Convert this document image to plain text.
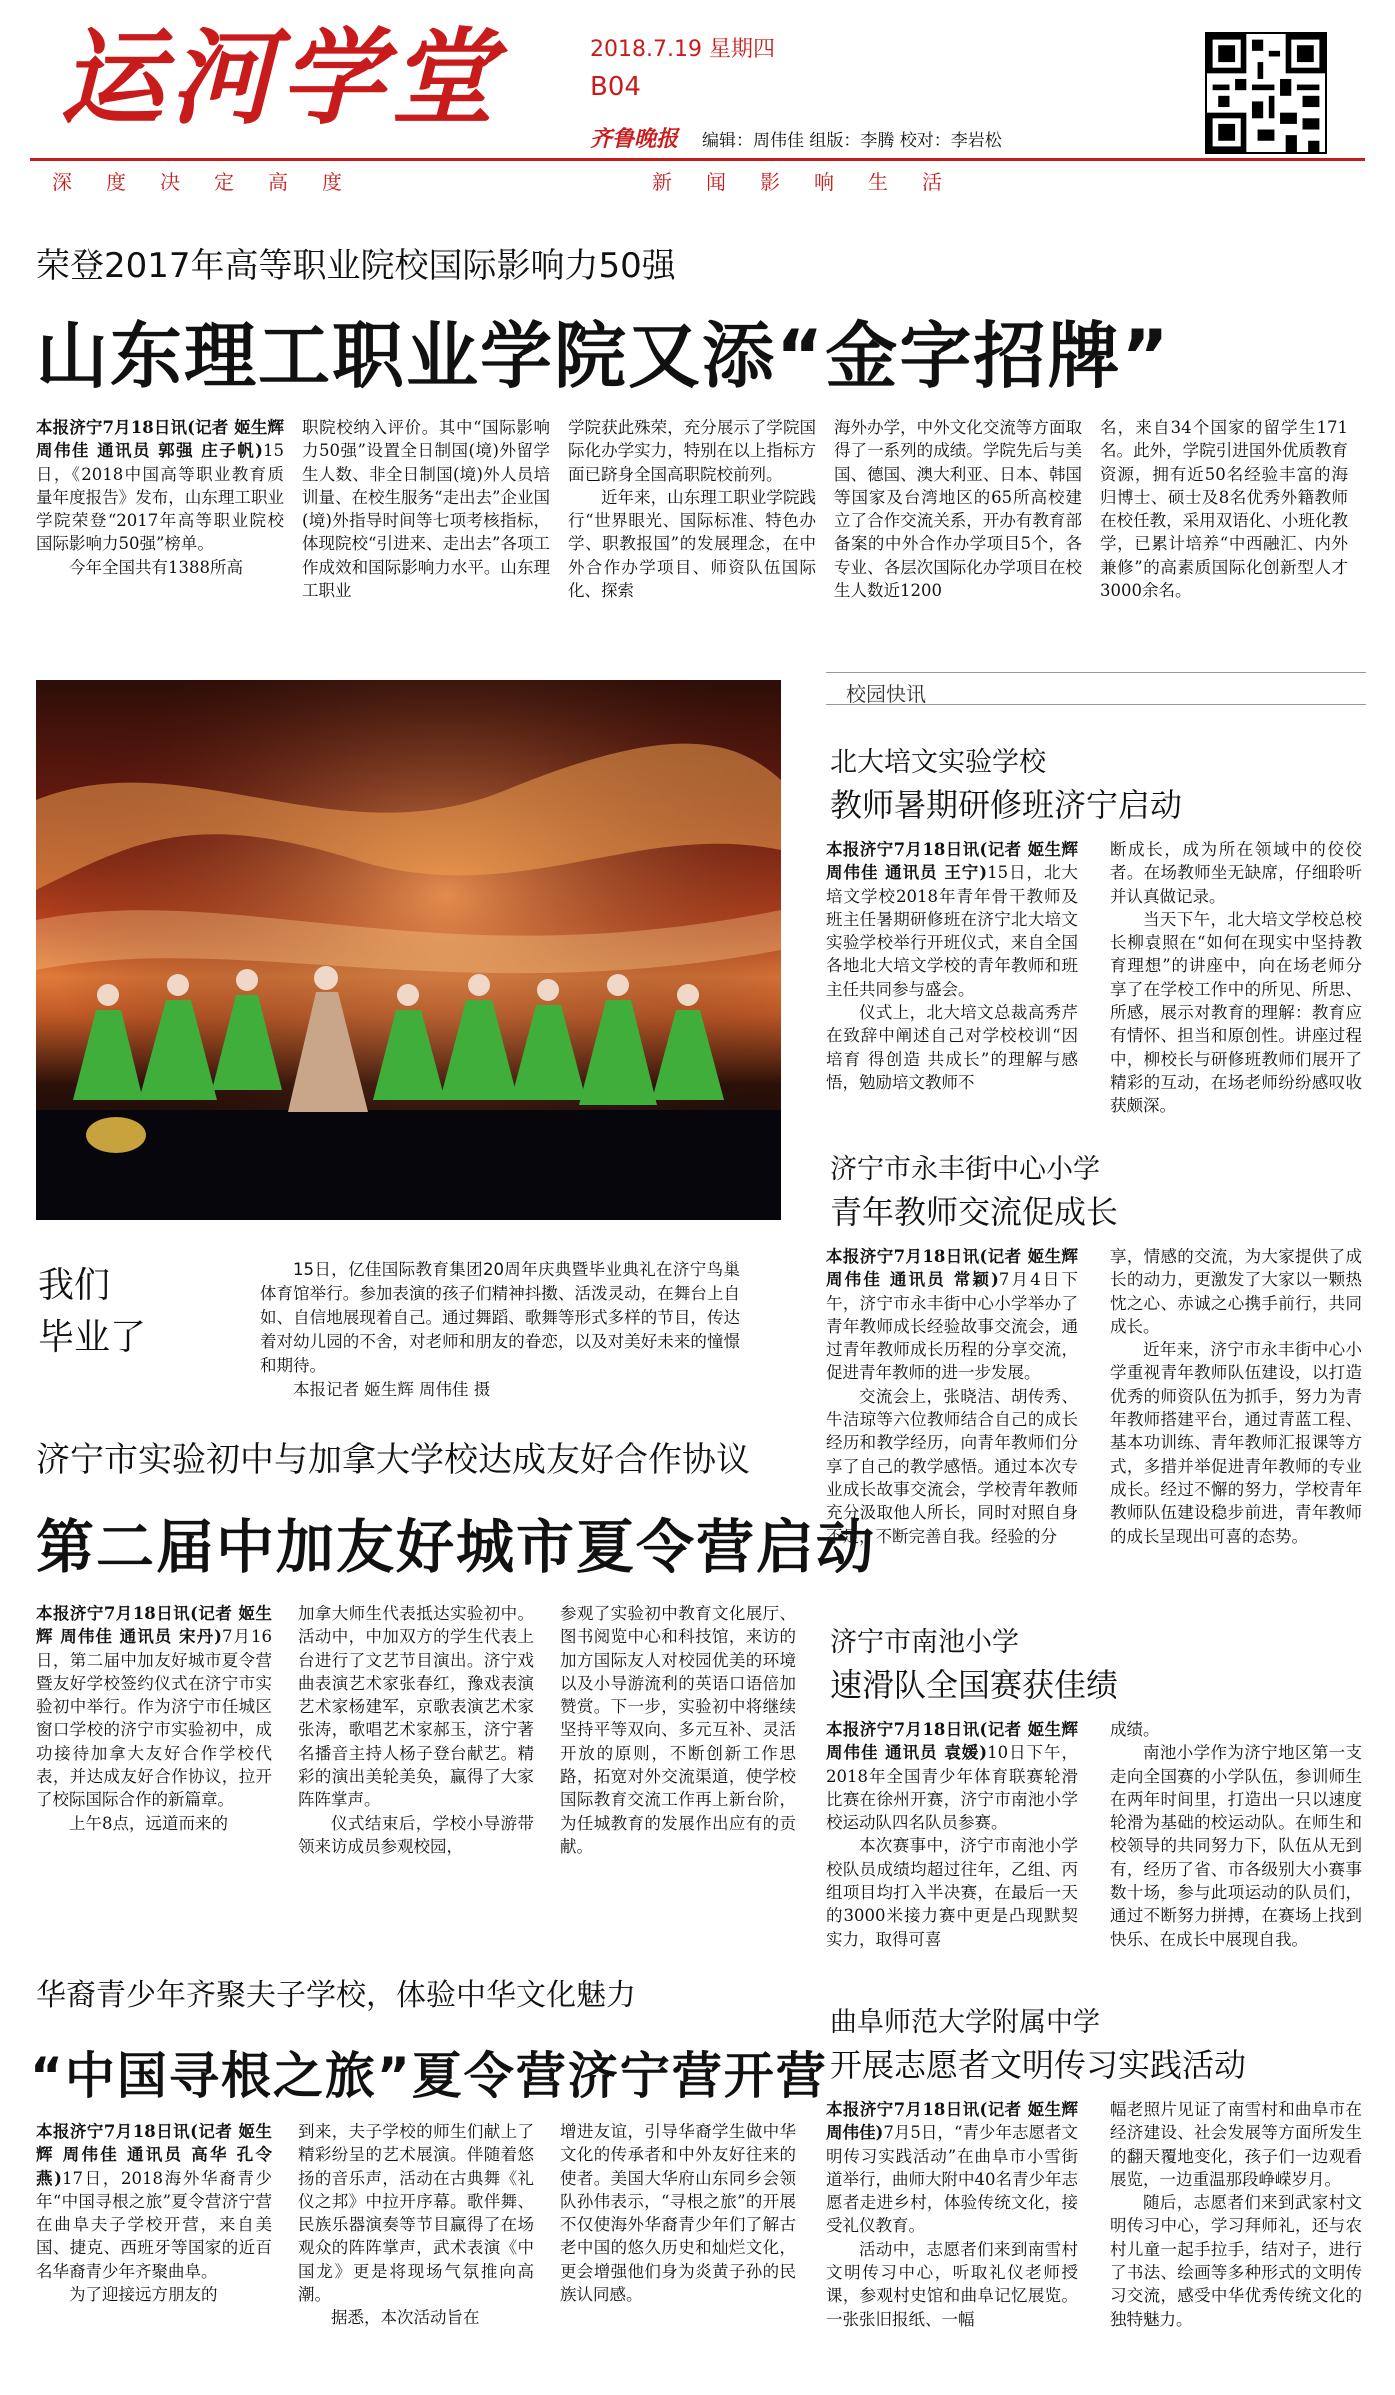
运河学堂	2018.7.19 星期四
B04
齐鲁晚报 编辑：周伟佳 组版：李腾 校对：李岩松
深度决定高度	新闻影响生活
荣登2017年高等职业院校国际影响力50强
山东理工职业学院又添“金字招牌”

本报济宁7月18日讯(记者 姬生辉 周伟佳 通讯员 郭强 庄子帆)15日，《2018中国高等职业教育质量年度报告》发布，山东理工职业学院荣登“2017年高等职业院校国际影响力50强”榜单。

今年全国共有1388所高

职院校纳入评价。其中“国际影响力50强”设置全日制国(境)外留学生人数、非全日制国(境)外人员培训量、在校生服务“走出去”企业国(境)外指导时间等七项考核指标，体现院校“引进来、走出去”各项工作成效和国际影响力水平。山东理工职业

学院获此殊荣，充分展示了学院国际化办学实力，特别在以上指标方面已跻身全国高职院校前列。

近年来，山东理工职业学院践行“世界眼光、国际标准、特色办学、职教报国”的发展理念，在中外合作办学项目、师资队伍国际化、探索

海外办学，中外文化交流等方面取得了一系列的成绩。学院先后与美国、德国、澳大利亚、日本、韩国等国家及台湾地区的65所高校建立了合作交流关系，开办有教育部备案的中外合作办学项目5个，各专业、各层次国际化办学项目在校生人数近1200

名，来自34个国家的留学生171名。此外，学院引进国外优质教育资源，拥有近50名经验丰富的海归博士、硕士及8名优秀外籍教师在校任教，采用双语化、小班化教学，已累计培养“中西融汇、内外兼修”的高素质国际化创新型人才3000余名。

我们
毕业了

15日，亿佳国际教育集团20周年庆典暨毕业典礼在济宁鸟巢体育馆举行。参加表演的孩子们精神抖擞、活泼灵动，在舞台上自如、自信地展现着自己。通过舞蹈、歌舞等形式多样的节目，传达着对幼儿园的不舍，对老师和朋友的眷恋，以及对美好未来的憧憬和期待。

本报记者 姬生辉 周伟佳 摄

济宁市实验初中与加拿大学校达成友好合作协议
第二届中加友好城市夏令营启动

本报济宁7月18日讯(记者 姬生辉 周伟佳 通讯员 宋丹)7月16日，第二届中加友好城市夏令营暨友好学校签约仪式在济宁市实验初中举行。作为济宁市任城区窗口学校的济宁市实验初中，成功接待加拿大友好合作学校代表，并达成友好合作协议，拉开了校际国际合作的新篇章。

上午8点，远道而来的

加拿大师生代表抵达实验初中。活动中，中加双方的学生代表上台进行了文艺节目演出。济宁戏曲表演艺术家张春红，豫戏表演艺术家杨建军，京歌表演艺术家张涛，歌唱艺术家郝玉，济宁著名播音主持人杨子登台献艺。精彩的演出美轮美奂，赢得了大家阵阵掌声。

仪式结束后，学校小导游带领来访成员参观校园，

参观了实验初中教育文化展厅、图书阅览中心和科技馆，来访的加方国际友人对校园优美的环境以及小导游流利的英语口语倍加赞赏。下一步，实验初中将继续坚持平等双向、多元互补、灵活开放的原则，不断创新工作思路，拓宽对外交流渠道，使学校国际教育交流工作再上新台阶，为任城教育的发展作出应有的贡献。

华裔青少年齐聚夫子学校，体验中华文化魅力
“中国寻根之旅”夏令营济宁营开营

本报济宁7月18日讯(记者 姬生辉 周伟佳 通讯员 高华 孔令燕)17日，2018海外华裔青少年“中国寻根之旅”夏令营济宁营在曲阜夫子学校开营，来自美国、捷克、西班牙等国家的近百名华裔青少年齐聚曲阜。

为了迎接远方朋友的

到来，夫子学校的师生们献上了精彩纷呈的艺术展演。伴随着悠扬的音乐声，活动在古典舞《礼仪之邦》中拉开序幕。歌伴舞、民族乐器演奏等节目赢得了在场观众的阵阵掌声，武术表演《中国龙》更是将现场气氛推向高潮。

据悉，本次活动旨在

增进友谊，引导华裔学生做中华文化的传承者和中外友好往来的使者。美国大华府山东同乡会领队孙伟表示，“寻根之旅”的开展不仅使海外华裔青少年们了解古老中国的悠久历史和灿烂文化，更会增强他们身为炎黄子孙的民族认同感。

校园快讯
北大培文实验学校
教师暑期研修班济宁启动

本报济宁7月18日讯(记者 姬生辉 周伟佳 通讯员 王宁)15日，北大培文学校2018年青年骨干教师及班主任暑期研修班在济宁北大培文实验学校举行开班仪式，来自全国各地北大培文学校的青年教师和班主任共同参与盛会。

仪式上，北大培文总裁高秀芹在致辞中阐述自己对学校校训“因培育 得创造 共成长”的理解与感悟，勉励培文教师不

断成长，成为所在领域中的佼佼者。在场教师坐无缺席，仔细聆听并认真做记录。

当天下午，北大培文学校总校长柳袁照在“如何在现实中坚持教育理想”的讲座中，向在场老师分享了在学校工作中的所见、所思、所感，展示对教育的理解：教育应有情怀、担当和原创性。讲座过程中，柳校长与研修班教师们展开了精彩的互动，在场老师纷纷感叹收获颇深。

济宁市永丰街中心小学
青年教师交流促成长

本报济宁7月18日讯(记者 姬生辉 周伟佳 通讯员 常颖)7月4日下午，济宁市永丰街中心小学举办了青年教师成长经验故事交流会，通过青年教师成长历程的分享交流，促进青年教师的进一步发展。

交流会上，张晓洁、胡传秀、牛洁琼等六位教师结合自己的成长经历和教学经历，向青年教师们分享了自己的教学感悟。通过本次专业成长故事交流会，学校青年教师充分汲取他人所长，同时对照自身不足，不断完善自我。经验的分

享，情感的交流，为大家提供了成长的动力，更激发了大家以一颗热忱之心、赤诚之心携手前行，共同成长。

近年来，济宁市永丰街中心小学重视青年教师队伍建设，以打造优秀的师资队伍为抓手，努力为青年教师搭建平台，通过青蓝工程、基本功训练、青年教师汇报课等方式，多措并举促进青年教师的专业成长。经过不懈的努力，学校青年教师队伍建设稳步前进，青年教师的成长呈现出可喜的态势。

济宁市南池小学
速滑队全国赛获佳绩

本报济宁7月18日讯(记者 姬生辉 周伟佳 通讯员 袁媛)10日下午，2018年全国青少年体育联赛轮滑比赛在徐州开赛，济宁市南池小学校运动队四名队员参赛。

本次赛事中，济宁市南池小学校队员成绩均超过往年，乙组、丙组项目均打入半决赛，在最后一天的3000米接力赛中更是凸现默契实力，取得可喜

成绩。

南池小学作为济宁地区第一支走向全国赛的小学队伍，参训师生在两年时间里，打造出一只以速度轮滑为基础的校运动队。在师生和校领导的共同努力下，队伍从无到有，经历了省、市各级别大小赛事数十场，参与此项运动的队员们，通过不断努力拼搏，在赛场上找到快乐、在成长中展现自我。

曲阜师范大学附属中学
开展志愿者文明传习实践活动

本报济宁7月18日讯(记者 姬生辉 周伟佳)7月5日，“青少年志愿者文明传习实践活动”在曲阜市小雪街道举行，曲师大附中40名青少年志愿者走进乡村，体验传统文化，接受礼仪教育。

活动中，志愿者们来到南雪村文明传习中心，听取礼仪老师授课，参观村史馆和曲阜记忆展览。一张张旧报纸、一幅

幅老照片见证了南雪村和曲阜市在经济建设、社会发展等方面所发生的翻天覆地变化，孩子们一边观看展览，一边重温那段峥嵘岁月。

随后，志愿者们来到武家村文明传习中心，学习拜师礼，还与农村儿童一起手拉手，结对子，进行了书法、绘画等多种形式的文明传习交流，感受中华优秀传统文化的独特魅力。
